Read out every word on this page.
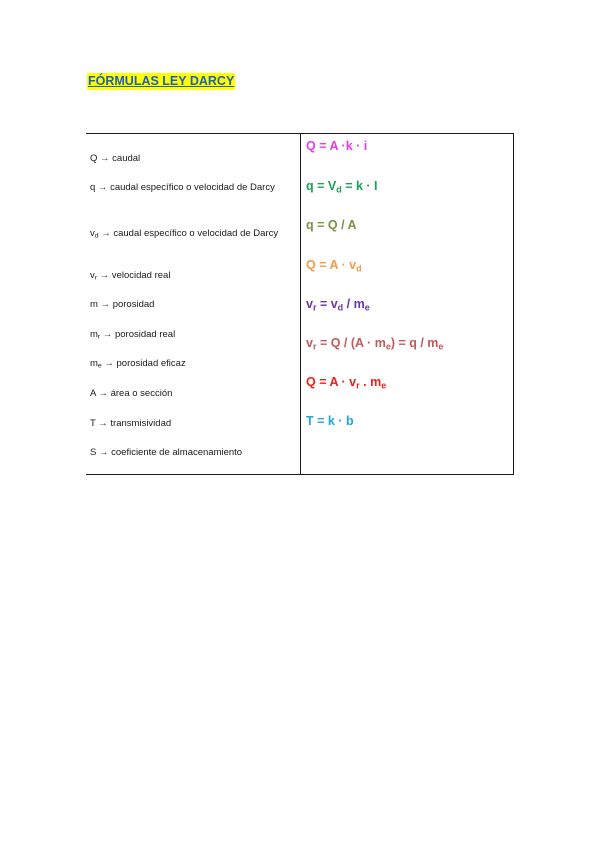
FÓRMULAS LEY DARCY
Q → caudal
q → caudal específico o velocidad de Darcy
$v_d$ → caudal específico o velocidad de Darcy
$v_r$ → velocidad real
m → porosidad
$m_r$ → porosidad real
$m_e$ → porosidad eficaz
A → área o sección
T → transmisividad
S → coeficiente de almacenamiento
Q = A ·k · i
$q = V_d = k \cdot I$
q = Q / A
$Q = A \cdot v_d$
$v_r = v_d / m_e$
$v_r = Q / (A \cdot m_e) = q / m_e$
$Q = A \cdot v_r$ . $m_e$
T = k · b
